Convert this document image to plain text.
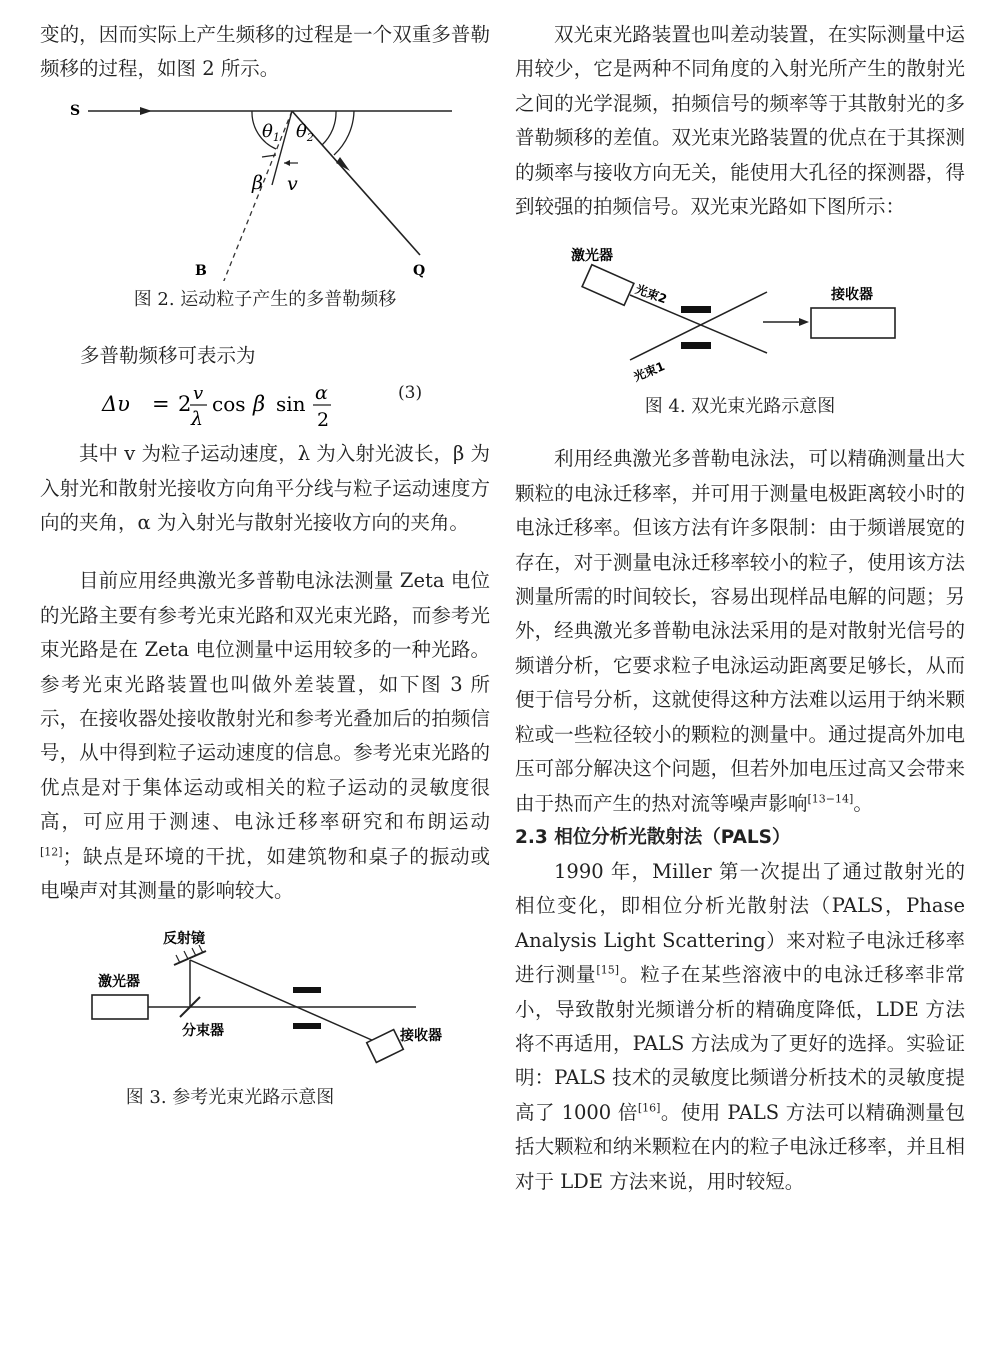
变的，因而实际上产生频移的过程是一个双重多普勒频移的过程，如图 2 所示。

S
B	Q
$\theta_1$ $\theta_2$
β v
图 2. 运动粒子产生的多普勒频移

多普勒频移可表示为

Δυ = 2 v
λ
cos β sin α
2
(3)

其中 v 为粒子运动速度，λ 为入射光波长，β 为入射光和散射光接收方向角平分线与粒子运动速度方向的夹角，α 为入射光与散射光接收方向的夹角。

目前应用经典激光多普勒电泳法测量 Zeta 电位的光路主要有参考光束光路和双光束光路，而参考光束光路是在 Zeta 电位测量中运用较多的一种光路。参考光束光路装置也叫做外差装置，如下图 3 所示，在接收器处接收散射光和参考光叠加后的拍频信号，从中得到粒子运动速度的信息。参考光束光路的优点是对于集体运动或相关的粒子运动的灵敏度很高，可应用于测速、电泳迁移率研究和布朗运动[12]；缺点是环境的干扰，如建筑物和桌子的振动或电噪声对其测量的影响较大。

反射镜
激光器
分束器	接收器
图 3. 参考光束光路示意图

双光束光路装置也叫差动装置，在实际测量中运用较少，它是两种不同角度的入射光所产生的散射光之间的光学混频，拍频信号的频率等于其散射光的多普勒频移的差值。双光束光路装置的优点在于其探测的频率与接收方向无关，能使用大孔径的探测器，得到较强的拍频信号。双光束光路如下图所示：

激光器
光束2
光束1
接收器
图 4. 双光束光路示意图

利用经典激光多普勒电泳法，可以精确测量出大颗粒的电泳迁移率，并可用于测量电极距离较小时的电泳迁移率。但该方法有许多限制：由于频谱展宽的存在，对于测量电泳迁移率较小的粒子，使用该方法测量所需的时间较长，容易出现样品电解的问题；另外，经典激光多普勒电泳法采用的是对散射光信号的频谱分析，它要求粒子电泳运动距离要足够长，从而便于信号分析，这就使得这种方法难以运用于纳米颗粒或一些粒径较小的颗粒的测量中。通过提高外加电压可部分解决这个问题，但若外加电压过高又会带来由于热而产生的热对流等噪声影响[13−14]。

2.3 相位分析光散射法（PALS）

1990 年，Miller 第一次提出了通过散射光的相位变化，即相位分析光散射法（PALS，Phase Analysis Light Scattering）来对粒子电泳迁移率进行测量[15]。粒子在某些溶液中的电泳迁移率非常小，导致散射光频谱分析的精确度降低，LDE 方法将不再适用，PALS 方法成为了更好的选择。实验证明：PALS 技术的灵敏度比频谱分析技术的灵敏度提高了 1000 倍[16]。使用 PALS 方法可以精确测量包括大颗粒和纳米颗粒在内的粒子电泳迁移率，并且相对于 LDE 方法来说，用时较短。
